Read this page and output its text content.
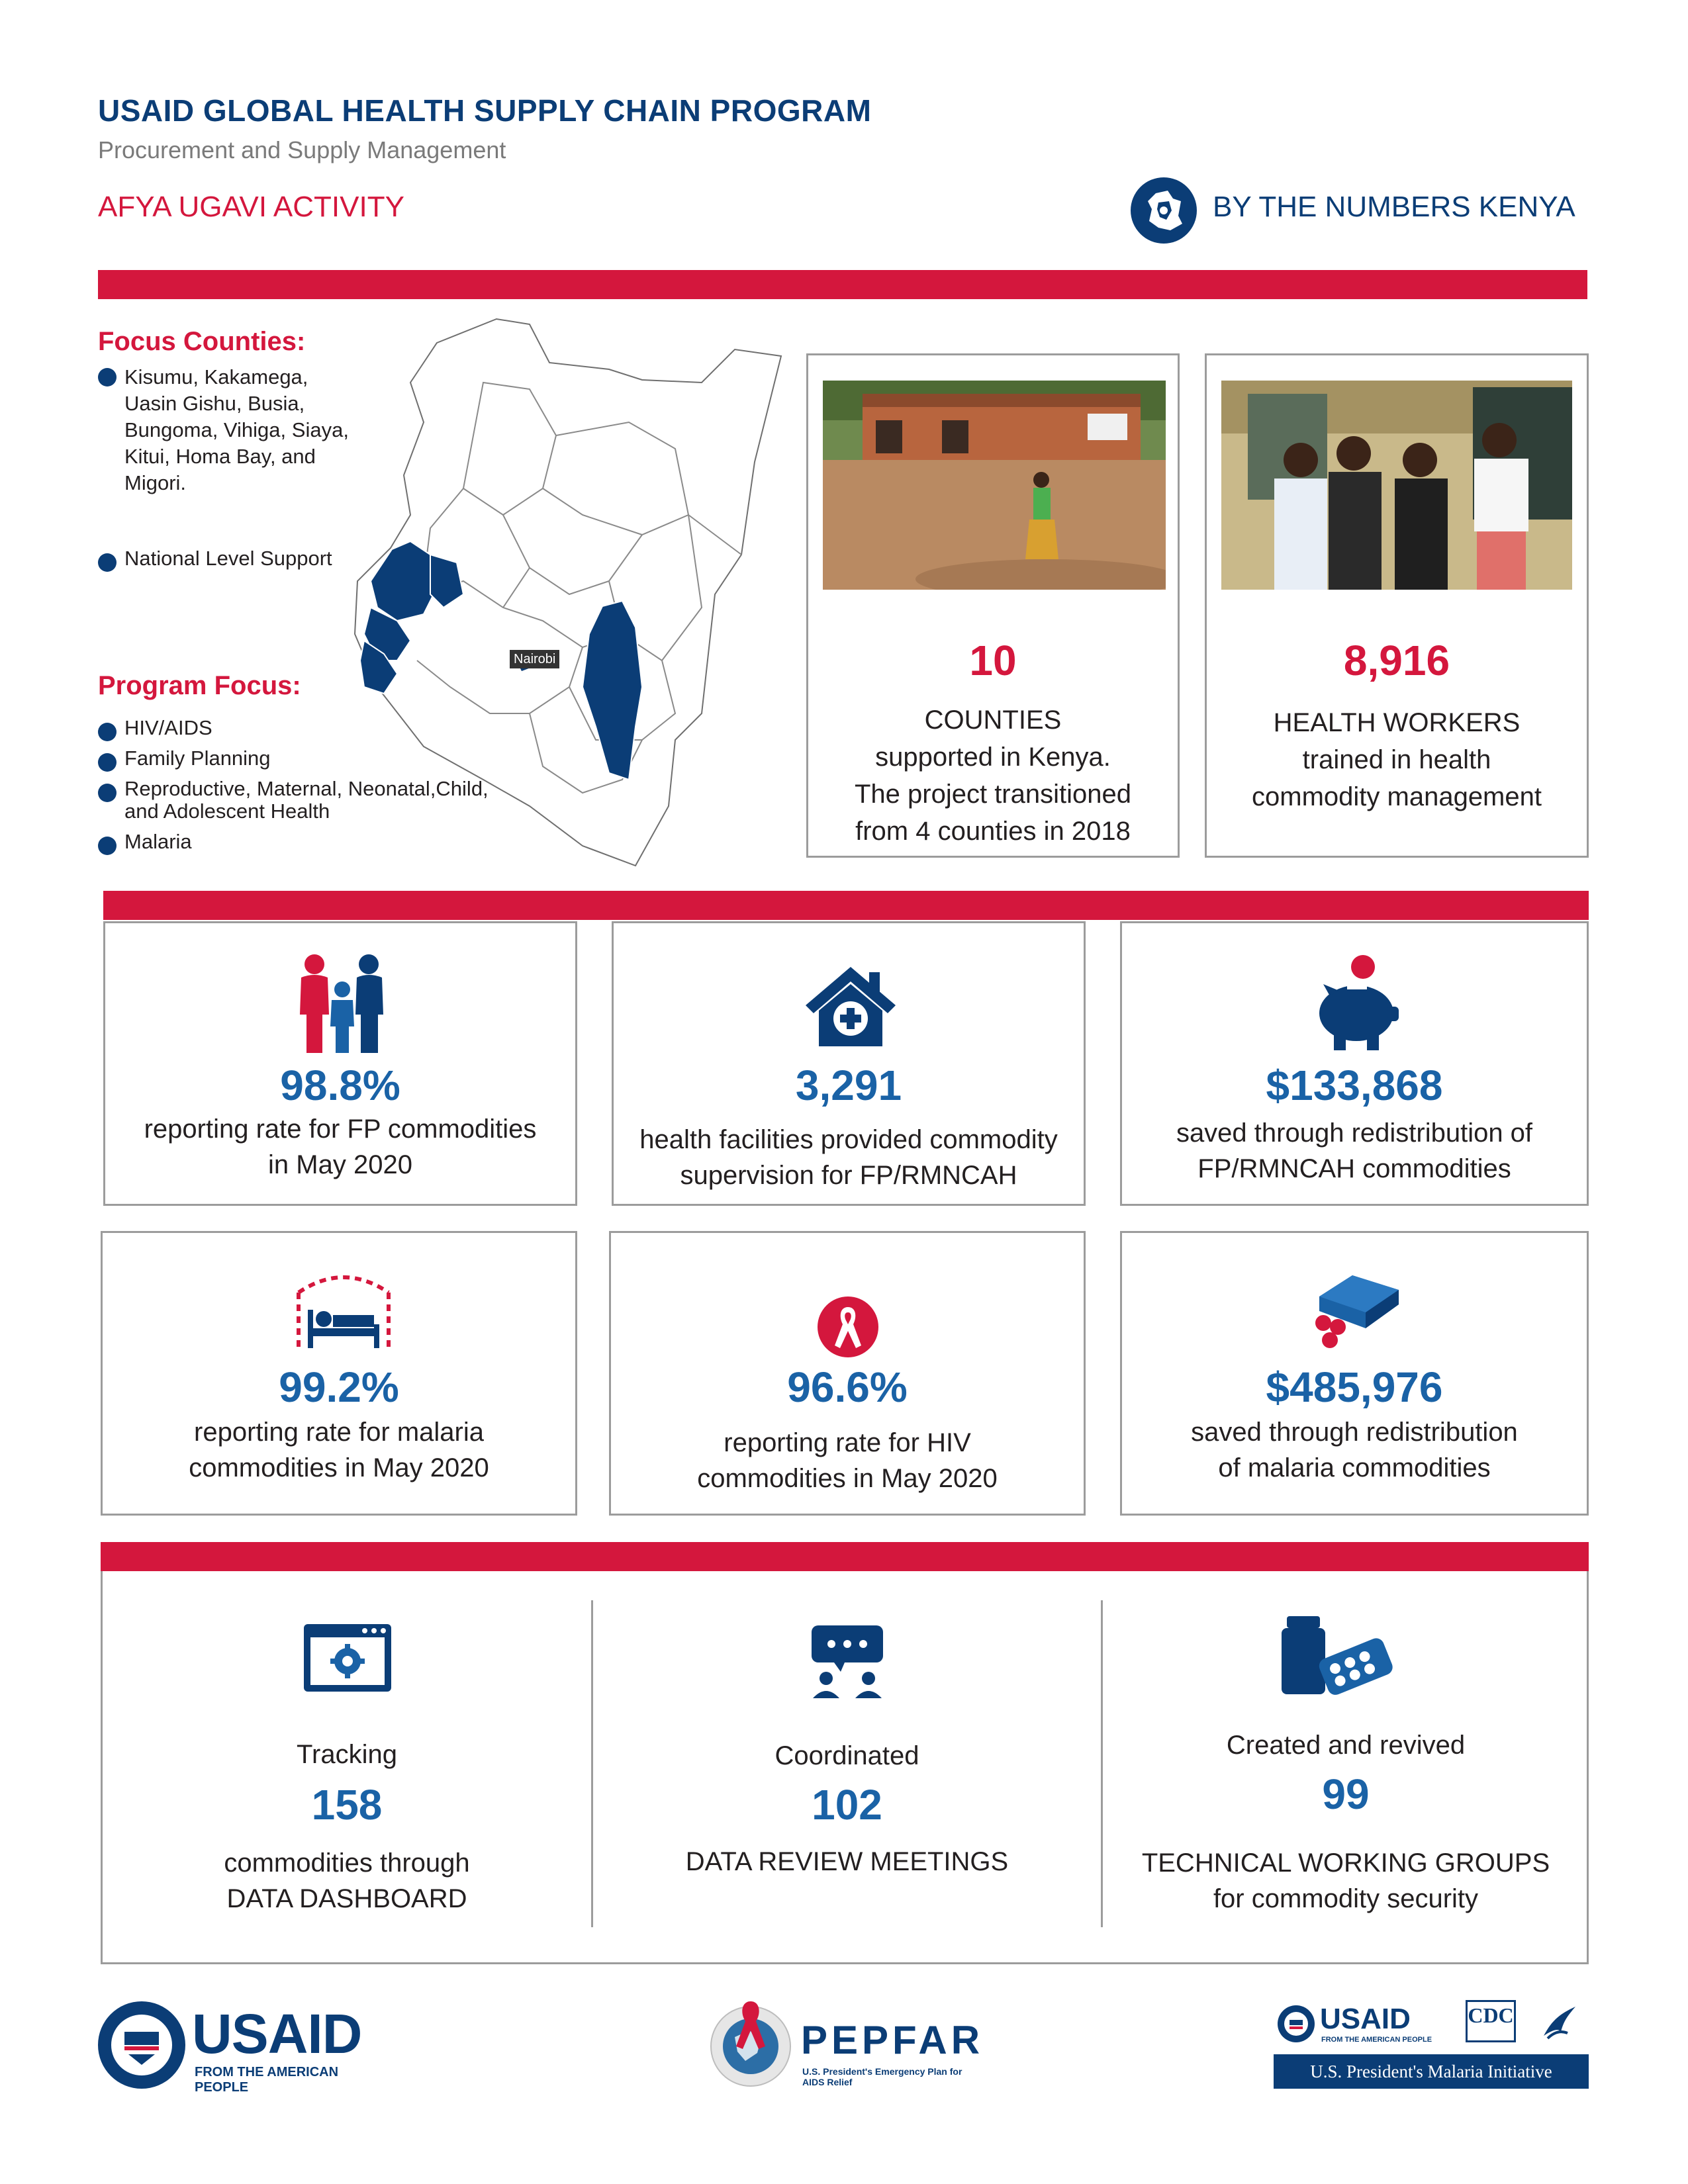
USAID GLOBAL HEALTH SUPPLY CHAIN PROGRAM
Procurement and Supply Management
AFYA UGAVI ACTIVITY	BY THE NUMBERS KENYA
Focus Counties:
Nairobi
Kisumu, Kakamega,
Uasin Gishu, Busia,
Bungoma, Vihiga, Siaya,
Kitui, Homa Bay, and
Migori.
National Level Support
Program Focus:
HIV/AIDS
Family Planning
Reproductive, Maternal, Neonatal,Child,
and Adolescent Health
Malaria
10
COUNTIES
supported in Kenya.
The project transitioned
from 4 counties in 2018
8,916
HEALTH WORKERS
trained in health
commodity management
98.8%
reporting rate for FP commodities
in May 2020
3,291
health facilities provided commodity
supervision for FP/RMNCAH
$133,868
saved through redistribution of
FP/RMNCAH commodities
99.2%
reporting rate for malaria
commodities in May 2020
96.6%
reporting rate for HIV
commodities in May 2020
$485,976
saved through redistribution
of malaria commodities
Tracking
158
commodities through
DATA DASHBOARD
Coordinated
102
DATA REVIEW MEETINGS
Created and revived
99
TECHNICAL WORKING GROUPS
for commodity security
USAID
FROM THE AMERICAN PEOPLE
PEPFAR
U.S. President's Emergency Plan for AIDS Relief
USAID
FROM THE AMERICAN PEOPLE
CDC
U.S. President's Malaria Initiative
